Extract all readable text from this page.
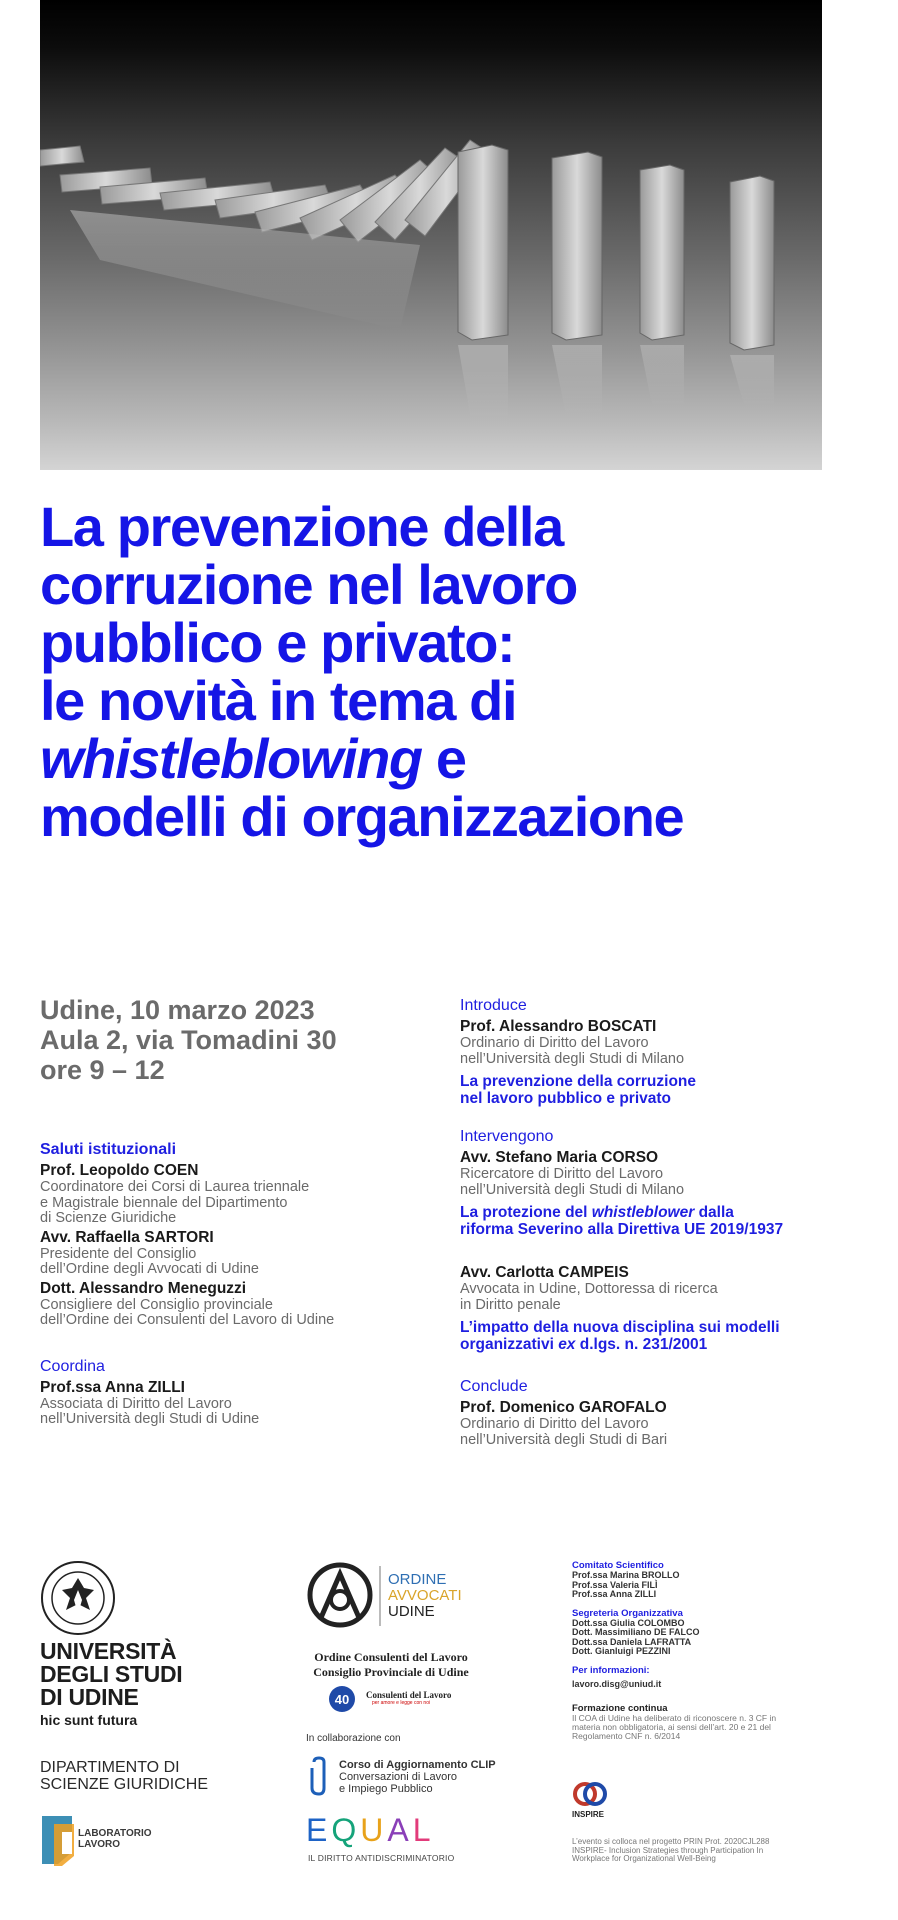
La prevenzione della
corruzione nel lavoro
pubblico e privato:
le novità in tema di
whistleblowing e
modelli di organizzazione
Udine, 10 marzo 2023
Aula 2, via Tomadini 30
ore 9 – 12
Saluti istituzionali
Prof. Leopoldo COEN
Coordinatore dei Corsi di Laurea triennale
e Magistrale biennale del Dipartimento
di Scienze Giuridiche
Avv. Raffaella SARTORI
Presidente del Consiglio
dell’Ordine degli Avvocati di Udine
Dott. Alessandro Meneguzzi
Consigliere del Consiglio provinciale
dell’Ordine dei Consulenti del Lavoro di Udine
Coordina
Prof.ssa Anna ZILLI
Associata di Diritto del Lavoro
nell’Università degli Studi di Udine
Introduce
Prof. Alessandro BOSCATI
Ordinario di Diritto del Lavoro
nell’Università degli Studi di Milano
La prevenzione della corruzione
nel lavoro pubblico e privato
Intervengono
Avv. Stefano Maria CORSO
Ricercatore di Diritto del Lavoro
nell’Università degli Studi di Milano
La protezione del whistleblower dalla
riforma Severino alla Direttiva UE 2019/1937
Avv. Carlotta CAMPEIS
Avvocata in Udine, Dottoressa di ricerca
in Diritto penale
L’impatto della nuova disciplina sui modelli
organizzativi ex d.lgs. n. 231/2001
Conclude
Prof. Domenico GAROFALO
Ordinario di Diritto del Lavoro
nell’Università degli Studi di Bari
UNIVERSITÀ
DEGLI STUDI
DI UDINE
hic sunt futura
DIPARTIMENTO DI
SCIENZE GIURIDICHE
LABORATORIO
LAVORO
ORDINE
AVVOCATI
UDINE
Ordine Consulenti del Lavoro
Consiglio Provinciale di Udine
40 Consulenti del Lavoro
per amore e legge con noi
In collaborazione con
Corso di Aggiornamento CLIP
Conversazioni di Lavoro
e Impiego Pubblico
EQUAL
IL DIRITTO ANTIDISCRIMINATORIO
Comitato Scientifico
Prof.ssa Marina BROLLO
Prof.ssa Valeria FILÌ
Prof.ssa Anna ZILLI
Segreteria Organizzativa
Dott.ssa Giulia COLOMBO
Dott. Massimiliano DE FALCO
Dott.ssa Daniela LAFRATTA
Dott. Gianluigi PEZZINI
Per informazioni:
lavoro.disg@uniud.it
Formazione continua
Il COA di Udine ha deliberato di riconoscere n. 3 CF in
materia non obbligatoria, ai sensi dell’art. 20 e 21 del
Regolamento CNF n. 6/2014
INSPIRE
L’evento si colloca nel progetto PRIN Prot. 2020CJL288
INSPIRE- Inclusion Strategies through Participation In
Workplace for Organizational Well-Being
